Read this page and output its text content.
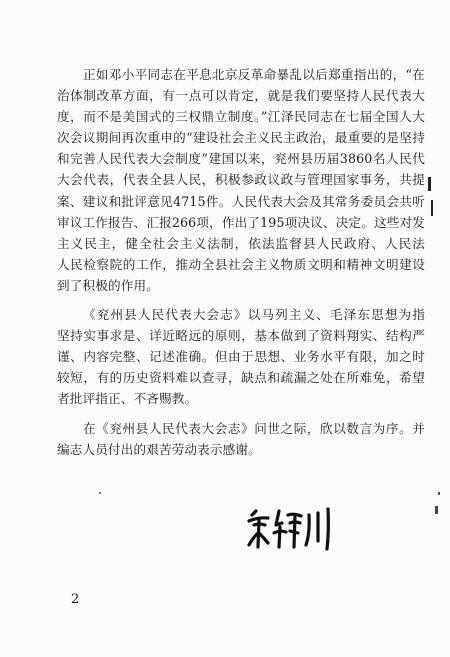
正如邓小平同志在平息北京反革命暴乱以后郑重指出的，“在
治体制改革方面，有一点可以肯定，就是我们要坚持人民代表大
度，而不是美国式的三权鼎立制度。”江泽民同志在七届全国人大
次会议期间再次重申的“建设社会主义民主政治，最重要的是坚持
和完善人民代表大会制度”建国以来，兖州县历届3860名人民代
大会代表，代表全县人民，积极参政议政与管理国家事务，共提
案、建议和批评意见4715件。人民代表大会及其常务委员会共听
审议工作报告、汇报266项，作出了195项决议、决定。这些对发
主义民主，健全社会主义法制，依法监督县人民政府、人民法
人民检察院的工作，推动全县社会主义物质文明和精神文明建设
到了积极的作用。
《兖州县人民代表大会志》以马列主义、毛泽东思想为指
坚持实事求是、详近略远的原则，基本做到了资料翔实、结构严
谨、内容完整、记述准确。但由于思想、业务水平有限，加之时
较短，有的历史资料难以查寻，缺点和疏漏之处在所难免，希望
者批评指正、不吝赐教。
在《兖州县人民代表大会志》问世之际，欣以数言为序。并
编志人员付出的艰苦劳动表示感谢。
2
